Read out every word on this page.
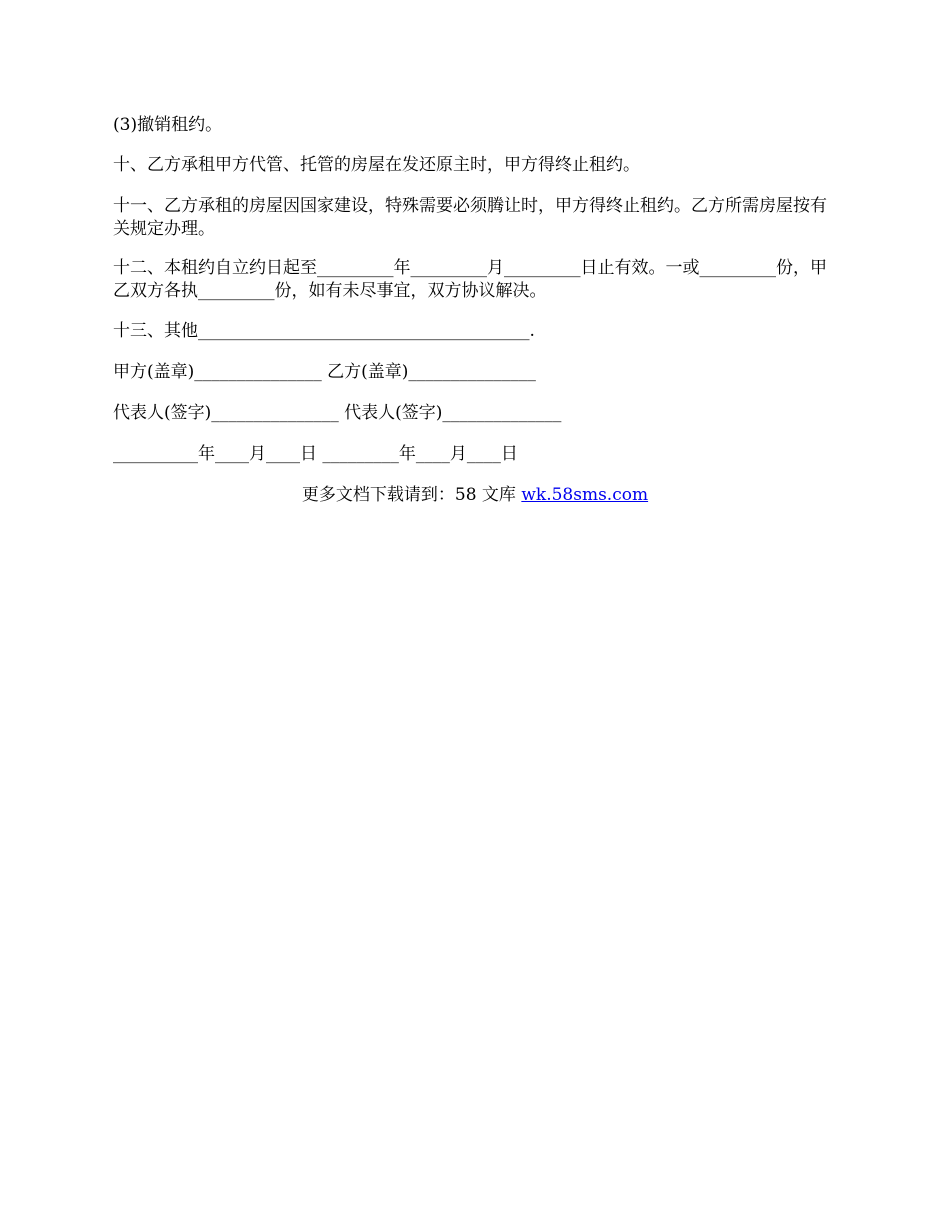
(3)撤销租约。
十、乙方承租甲方代管、托管的房屋在发还原主时，甲方得终止租约。
十一、乙方承租的房屋因国家建设，特殊需要必须腾让时，甲方得终止租约。乙方所需房屋按有关规定办理。
十二、本租约自立约日起至_________年_________月_________日止有效。一或_________份，甲乙双方各执_________份，如有未尽事宜，双方协议解决。
十三、其他_______________________________________.
甲方(盖章)_______________ 乙方(盖章)_______________
代表人(签字)_______________ 代表人(签字)______________
__________年____月____日 _________年____月____日
更多文档下载请到：58 文库 wk.58sms.com
